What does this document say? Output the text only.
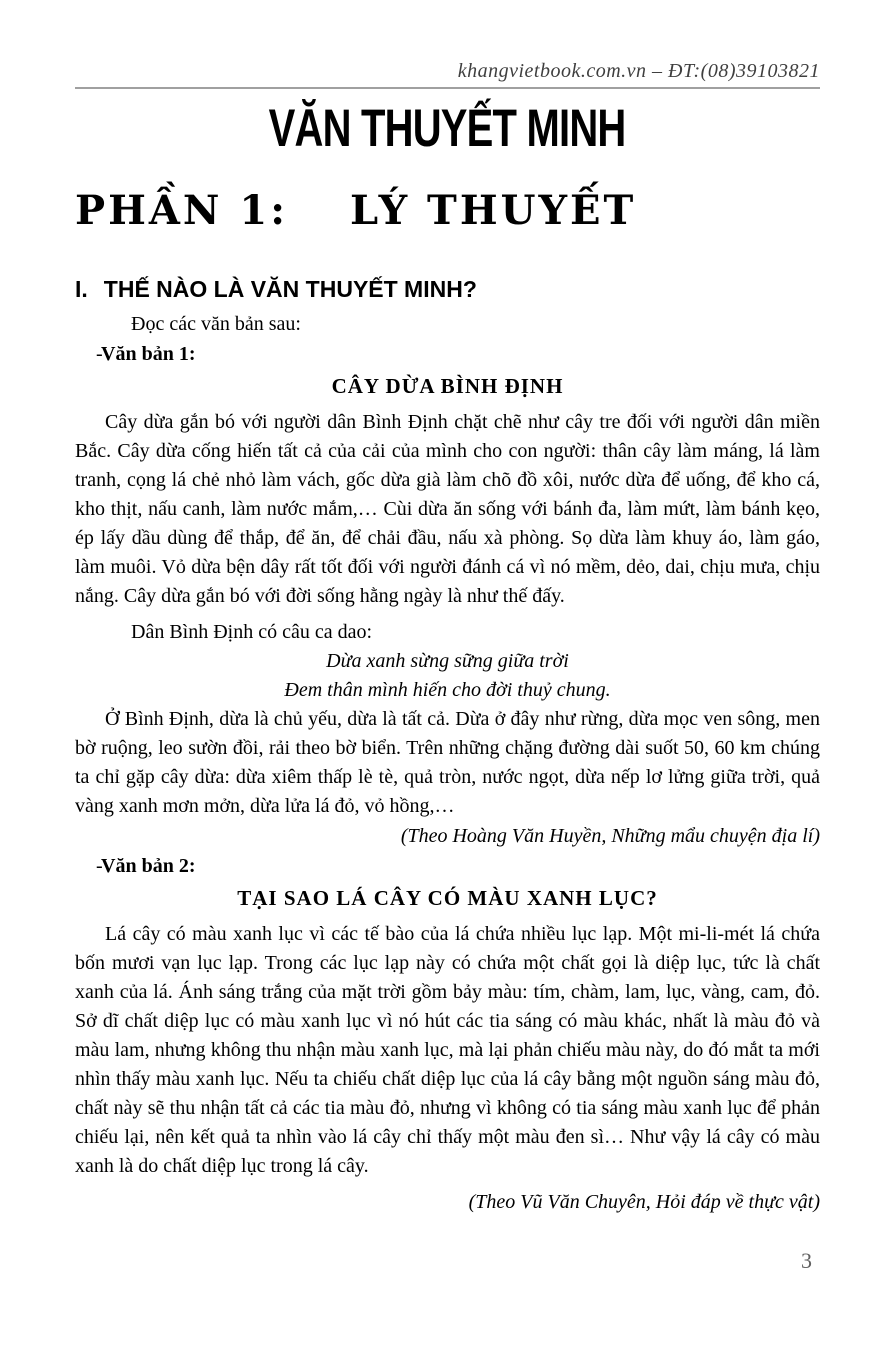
khangvietbook.com.vn – ĐT:(08)39103821
VĂN THUYẾT MINH
PHẦN 1: LÝ THUYẾT
I. THẾ NÀO LÀ VĂN THUYẾT MINH?
Đọc các văn bản sau:
-
Văn bản 1:
CÂY DỪA BÌNH ĐỊNH
Cây dừa gắn bó với người dân Bình Định chặt chẽ như cây tre đối với người dân miền Bắc. Cây dừa cống hiến tất cả của cải của mình cho con người: thân cây làm máng, lá làm tranh, cọng lá chẻ nhỏ làm vách, gốc dừa già làm chõ đồ xôi, nước dừa để uống, để kho cá, kho thịt, nấu canh, làm nước mắm,… Cùi dừa ăn sống với bánh đa, làm mứt, làm bánh kẹo, ép lấy dầu dùng để thắp, để ăn, để chải đầu, nấu xà phòng. Sọ dừa làm khuy áo, làm gáo, làm muôi. Vỏ dừa bện dây rất tốt đối với người đánh cá vì nó mềm, dẻo, dai, chịu mưa, chịu nắng. Cây dừa gắn bó với đời sống hằng ngày là như thế đấy.
Dân Bình Định có câu ca dao:
Dừa xanh sừng sững giữa trời
Đem thân mình hiến cho đời thuỷ chung.
Ở Bình Định, dừa là chủ yếu, dừa là tất cả. Dừa ở đây như rừng, dừa mọc ven sông, men bờ ruộng, leo sườn đồi, rải theo bờ biển. Trên những chặng đường dài suốt 50, 60 km chúng ta chỉ gặp cây dừa: dừa xiêm thấp lè tè, quả tròn, nước ngọt, dừa nếp lơ lửng giữa trời, quả vàng xanh mơn mởn, dừa lửa lá đỏ, vỏ hồng,…
(Theo Hoàng Văn Huyền, Những mẩu chuyện địa lí)
-
Văn bản 2:
TẠI SAO LÁ CÂY CÓ MÀU XANH LỤC?
Lá cây có màu xanh lục vì các tế bào của lá chứa nhiều lục lạp. Một mi-li-mét lá chứa bốn mươi vạn lục lạp. Trong các lục lạp này có chứa một chất gọi là diệp lục, tức là chất xanh của lá. Ánh sáng trắng của mặt trời gồm bảy màu: tím, chàm, lam, lục, vàng, cam, đỏ. Sở dĩ chất diệp lục có màu xanh lục vì nó hút các tia sáng có màu khác, nhất là màu đỏ và màu lam, nhưng không thu nhận màu xanh lục, mà lại phản chiếu màu này, do đó mắt ta mới nhìn thấy màu xanh lục. Nếu ta chiếu chất diệp lục của lá cây bằng một nguồn sáng màu đỏ, chất này sẽ thu nhận tất cả các tia màu đỏ, nhưng vì không có tia sáng màu xanh lục để phản chiếu lại, nên kết quả ta nhìn vào lá cây chỉ thấy một màu đen sì… Như vậy lá cây có màu xanh là do chất diệp lục trong lá cây.
(Theo Vũ Văn Chuyên, Hỏi đáp về thực vật)
3
